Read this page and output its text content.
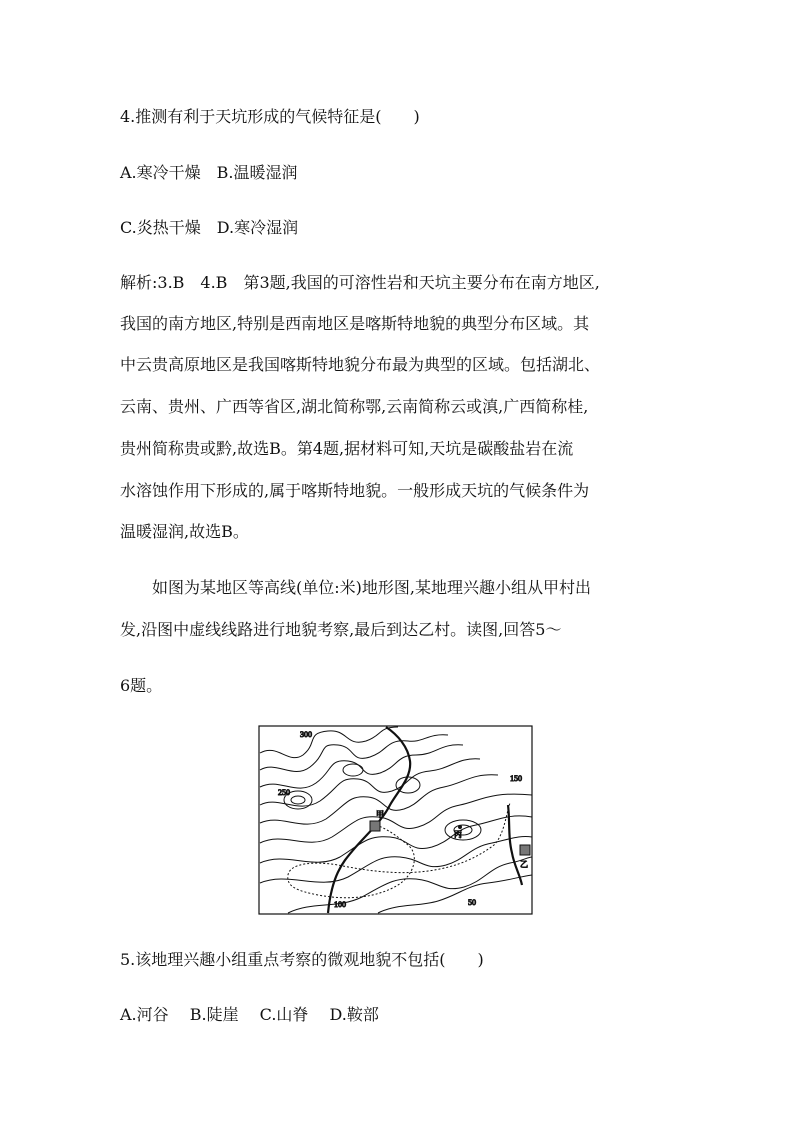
4.推测有利于天坑形成的气候特征是(　　)
A.寒冷干燥　B.温暖湿润
C.炎热干燥　D.寒冷湿润
解析:3.B　4.B　第3题,我国的可溶性岩和天坑主要分布在南方地区,
我国的南方地区,特别是西南地区是喀斯特地貌的典型分布区域。其
中云贵高原地区是我国喀斯特地貌分布最为典型的区域。包括湖北、
云南、贵州、广西等省区,湖北简称鄂,云南简称云或滇,广西简称桂,
贵州简称贵或黔,故选B。第4题,据材料可知,天坑是碳酸盐岩在流
水溶蚀作用下形成的,属于喀斯特地貌。一般形成天坑的气候条件为
温暖湿润,故选B。
　　如图为某地区等高线(单位:米)地形图,某地理兴趣小组从甲村出
发,沿图中虚线线路进行地貌考察,最后到达乙村。读图,回答5～
6题。
300
250
150
100	50
甲
乙
丙
5.该地理兴趣小组重点考察的微观地貌不包括(　　)
A.河谷　 B.陡崖　 C.山脊　 D.鞍部
